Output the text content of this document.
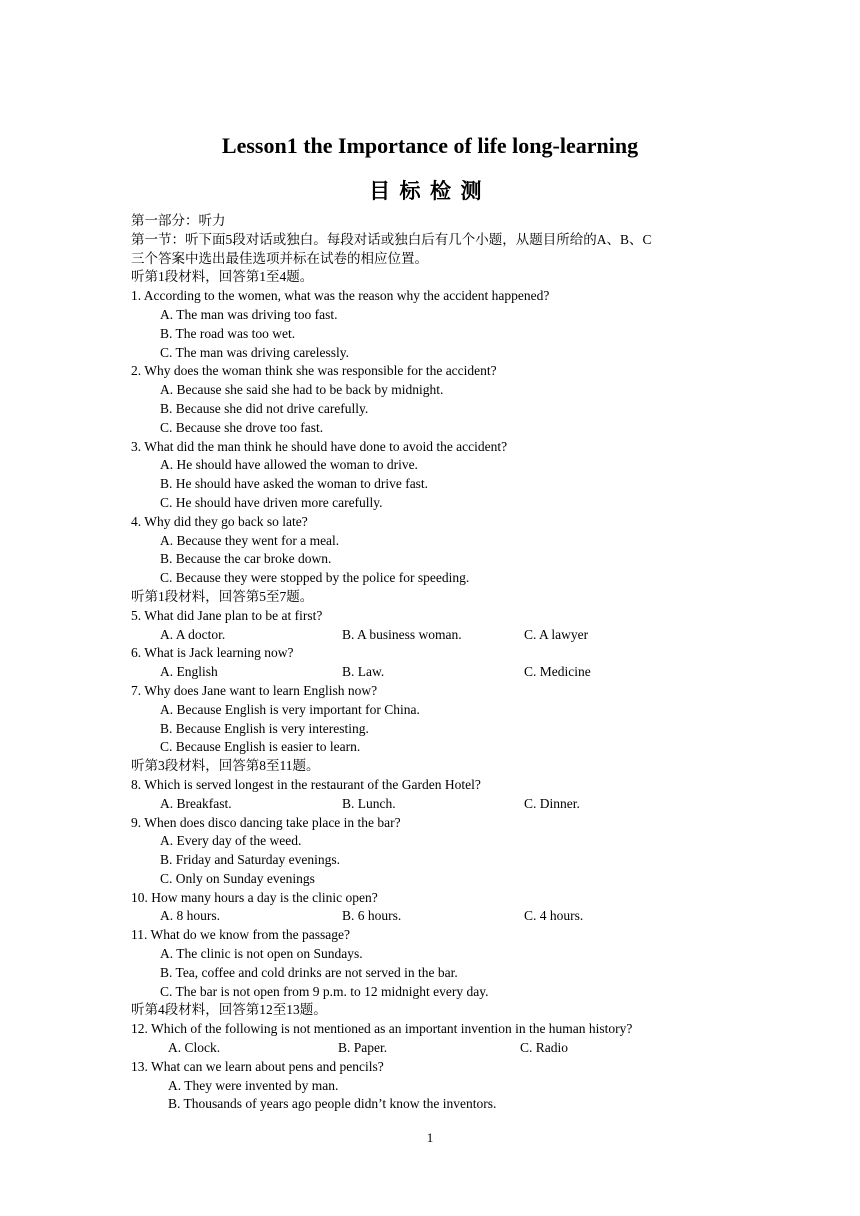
Lesson1 the Importance of life long-learning
目标检测
第一部分：听力
第一节：听下面5段对话或独白。每段对话或独白后有几个小题，从题目所给的A、B、C
三个答案中选出最佳选项并标在试卷的相应位置。
听第1段材料，回答第1至4题。
1. According to the women, what was the reason why the accident happened?
A. The man was driving too fast.
B. The road was too wet.
C. The man was driving carelessly.
2. Why does the woman think she was responsible for the accident?
A. Because she said she had to be back by midnight.
B. Because she did not drive carefully.
C. Because she drove too fast.
3. What did the man think he should have done to avoid the accident?
A. He should have allowed the woman to drive.
B. He should have asked the woman to drive fast.
C. He should have driven more carefully.
4. Why did they go back so late?
A. Because they went for a meal.
B. Because the car broke down.
C. Because they were stopped by the police for speeding.
听第1段材料，回答第5至7题。
5. What did Jane plan to be at first?
A. A doctor.	B. A business woman.	C. A lawyer
6. What is Jack learning now?
A. English	B. Law.	C. Medicine
7. Why does Jane want to learn English now?
A. Because English is very important for China.
B. Because English is very interesting.
C. Because English is easier to learn.
听第3段材料，回答第8至11题。
8. Which is served longest in the restaurant of the Garden Hotel?
A. Breakfast.	B. Lunch.	C. Dinner.
9. When does disco dancing take place in the bar?
A. Every day of the weed.
B. Friday and Saturday evenings.
C. Only on Sunday evenings
10. How many hours a day is the clinic open?
A. 8 hours.	B. 6 hours.	C. 4 hours.
11. What do we know from the passage?
A. The clinic is not open on Sundays.
B. Tea, coffee and cold drinks are not served in the bar.
C. The bar is not open from 9 p.m. to 12 midnight every day.
听第4段材料，回答第12至13题。
12. Which of the following is not mentioned as an important invention in the human history?
A. Clock.	B. Paper.	C. Radio
13. What can we learn about pens and pencils?
A. They were invented by man.
B. Thousands of years ago people didn’t know the inventors.
1
